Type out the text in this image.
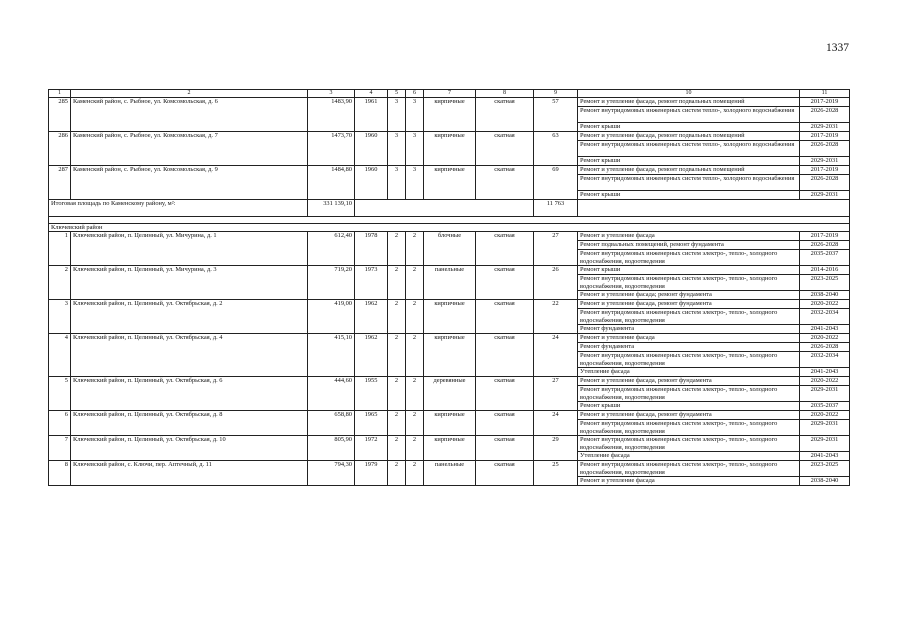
1337
1	2	3	4	5	6	7	8	9	10	11
285	Каменский район, с. Рыбное, ул. Комсомольская, д. 6	1483,90	1961	3	3	кирпичные	скатная	57	Ремонт и утепление фасада, ремонт подвальных помещений	2017-2019
									Ремонт внутридомовых инженерных систем тепло-, холодного водоснабжения	2026-2028
									Ремонт крыши	2029-2031
286	Каменский район, с. Рыбное, ул. Комсомольская, д. 7	1473,70	1960	3	3	кирпичные	скатная	63	Ремонт и утепление фасада, ремонт подвальных помещений	2017-2019
									Ремонт внутридомовых инженерных систем тепло-, холодного водоснабжения	2026-2028
									Ремонт крыши	2029-2031
287	Каменский район, с. Рыбное, ул. Комсомольская, д. 9	1484,80	1960	3	3	кирпичные	скатная	69	Ремонт и утепление фасада, ремонт подвальных помещений	2017-2019
									Ремонт внутридомовых инженерных систем тепло-, холодного водоснабжения	2026-2028
									Ремонт крыши	2029-2031
Итоговая площадь по Каменскому району, м²:		331 139,10						11 763		

Ключевский район										
1	Ключевский район, п. Целинный, ул. Мичурина, д. 1	612,40	1978	2	2	блочные	скатная	27	Ремонт и утепление фасада	2017-2019
									Ремонт подвальных помещений, ремонт фундамента	2026-2028
									Ремонт внутридомовых инженерных систем электро-, тепло-, холодного водоснабжения, водоотведения	2035-2037
2	Ключевский район, п. Целинный, ул. Мичурина, д. 3	719,20	1973	2	2	панельные	скатная	26	Ремонт крыши	2014-2016
									Ремонт внутридомовых инженерных систем электро-, тепло-, холодного водоснабжения, водоотведения	2023-2025
									Ремонт и утепление фасада; ремонт фундамента	2038-2040
3	Ключевский район, п. Целинный, ул. Октябрьская, д. 2	419,00	1962	2	2	кирпичные	скатная	22	Ремонт и утепление фасада, ремонт фундамента	2020-2022
									Ремонт внутридомовых инженерных систем электро-, тепло-, холодного водоснабжения, водоотведения	2032-2034
									Ремонт фундамента	2041-2043
4	Ключевский район, п. Целинный, ул. Октябрьская, д. 4	415,10	1962	2	2	кирпичные	скатная	24	Ремонт и утепление фасада	2020-2022
									Ремонт фундамента	2026-2028
									Ремонт внутридомовых инженерных систем электро-, тепло-, холодного водоснабжения, водоотведения	2032-2034
									Утепление фасада	2041-2043
5	Ключевский район, п. Целинный, ул. Октябрьская, д. 6	444,60	1955	2	2	деревянные	скатная	27	Ремонт и утепление фасада, ремонт фундамента	2020-2022
									Ремонт внутридомовых инженерных систем электро-, тепло-, холодного водоснабжения, водоотведения	2029-2031
									Ремонт крыши	2035-2037
6	Ключевский район, п. Целинный, ул. Октябрьская, д. 8	658,80	1965	2	2	кирпичные	скатная	24	Ремонт и утепление фасада, ремонт фундамента	2020-2022
									Ремонт внутридомовых инженерных систем электро-, тепло-, холодного водоснабжения, водоотведения	2029-2031
7	Ключевский район, п. Целинный, ул. Октябрьская, д. 10	805,90	1972	2	2	кирпичные	скатная	29	Ремонт внутридомовых инженерных систем электро-, тепло-, холодного водоснабжения, водоотведения	2029-2031
									Утепление фасада	2041-2043
8	Ключевский район, с. Ключи, пер. Аптечный, д. 11	794,30	1979	2	2	панельные	скатная	25	Ремонт внутридомовых инженерных систем электро-, тепло-, холодного водоснабжения, водоотведения	2023-2025
									Ремонт и утепление фасада	2038-2040
